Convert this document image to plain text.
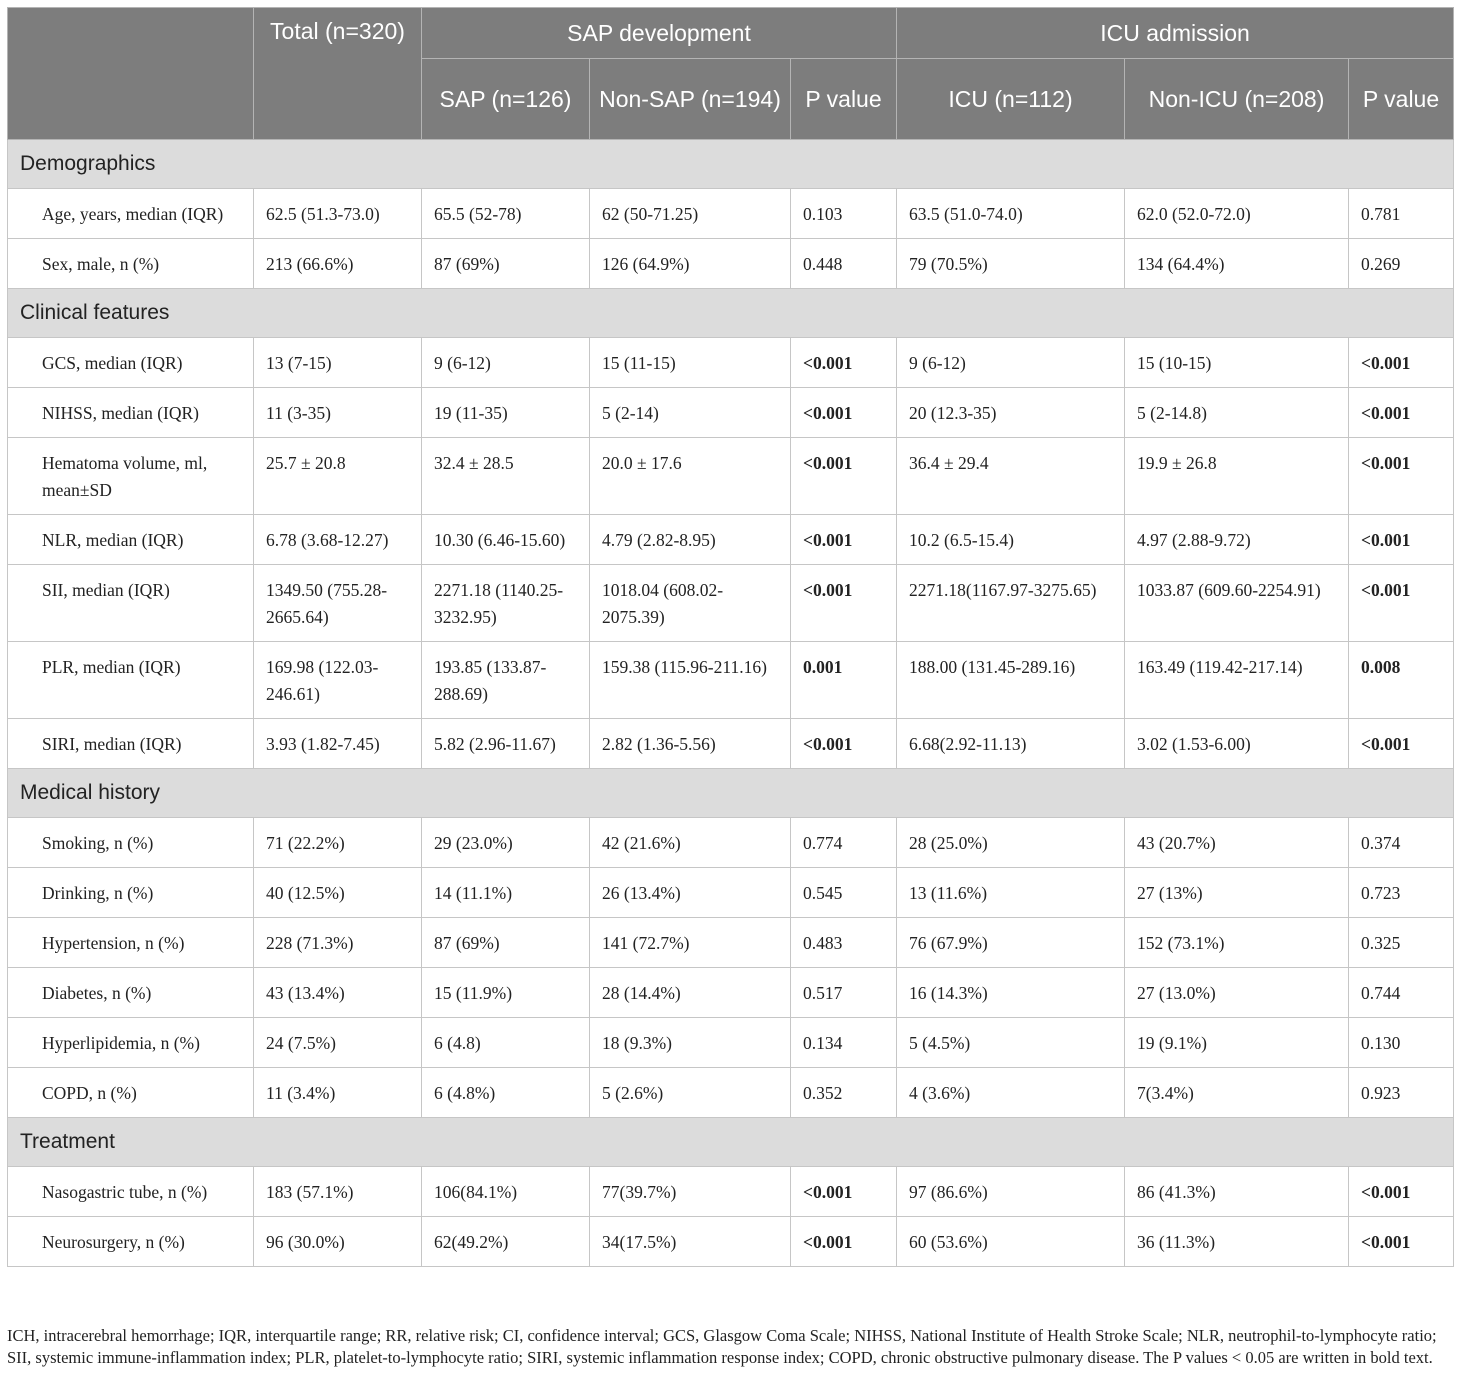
	Total (n=320)	SAP development			ICU admission		
		SAP (n=126)	Non-SAP (n=194)	P value	ICU (n=112)	Non-ICU (n=208)	P value
Demographics							
Age, years, median (IQR)	62.5 (51.3-73.0)	65.5 (52-78)	62 (50-71.25)	0.103	63.5 (51.0-74.0)	62.0 (52.0-72.0)	0.781
Sex, male, n (%)	213 (66.6%)	87 (69%)	126 (64.9%)	0.448	79 (70.5%)	134 (64.4%)	0.269
Clinical features							
GCS, median (IQR)	13 (7-15)	9 (6-12)	15 (11-15)	<0.001	9 (6-12)	15 (10-15)	<0.001
NIHSS, median (IQR)	11 (3-35)	19 (11-35)	5 (2-14)	<0.001	20 (12.3-35)	5 (2-14.8)	<0.001
Hematoma volume, ml, mean±SD	25.7 ± 20.8	32.4 ± 28.5	20.0 ± 17.6	<0.001	36.4 ± 29.4	19.9 ± 26.8	<0.001
NLR, median (IQR)	6.78 (3.68-12.27)	10.30 (6.46-15.60)	4.79 (2.82-8.95)	<0.001	10.2 (6.5-15.4)	4.97 (2.88-9.72)	<0.001
SII, median (IQR)	1349.50 (755.28-2665.64)	2271.18 (1140.25-3232.95)	1018.04 (608.02-2075.39)	<0.001	2271.18(1167.97-3275.65)	1033.87 (609.60-2254.91)	<0.001
PLR, median (IQR)	169.98 (122.03-246.61)	193.85 (133.87-288.69)	159.38 (115.96-211.16)	0.001	188.00 (131.45-289.16)	163.49 (119.42-217.14)	0.008
SIRI, median (IQR)	3.93 (1.82-7.45)	5.82 (2.96-11.67)	2.82 (1.36-5.56)	<0.001	6.68(2.92-11.13)	3.02 (1.53-6.00)	<0.001
Medical history							
Smoking, n (%)	71 (22.2%)	29 (23.0%)	42 (21.6%)	0.774	28 (25.0%)	43 (20.7%)	0.374
Drinking, n (%)	40 (12.5%)	14 (11.1%)	26 (13.4%)	0.545	13 (11.6%)	27 (13%)	0.723
Hypertension, n (%)	228 (71.3%)	87 (69%)	141 (72.7%)	0.483	76 (67.9%)	152 (73.1%)	0.325
Diabetes, n (%)	43 (13.4%)	15 (11.9%)	28 (14.4%)	0.517	16 (14.3%)	27 (13.0%)	0.744
Hyperlipidemia, n (%)	24 (7.5%)	6 (4.8)	18 (9.3%)	0.134	5 (4.5%)	19 (9.1%)	0.130
COPD, n (%)	11 (3.4%)	6 (4.8%)	5 (2.6%)	0.352	4 (3.6%)	7(3.4%)	0.923
Treatment							
Nasogastric tube, n (%)	183 (57.1%)	106(84.1%)	77(39.7%)	<0.001	97 (86.6%)	86 (41.3%)	<0.001
Neurosurgery, n (%)	96 (30.0%)	62(49.2%)	34(17.5%)	<0.001	60 (53.6%)	36 (11.3%)	<0.001

ICH, intracerebral hemorrhage; IQR, interquartile range; RR, relative risk; CI, confidence interval; GCS, Glasgow Coma Scale; NIHSS, National Institute of Health Stroke Scale; NLR, neutrophil-to-lymphocyte ratio; SII, systemic immune-inflammation index; PLR, platelet-to-lymphocyte ratio; SIRI, systemic inflammation response index; COPD, chronic obstructive pulmonary disease. The P values < 0.05 are written in bold text.
